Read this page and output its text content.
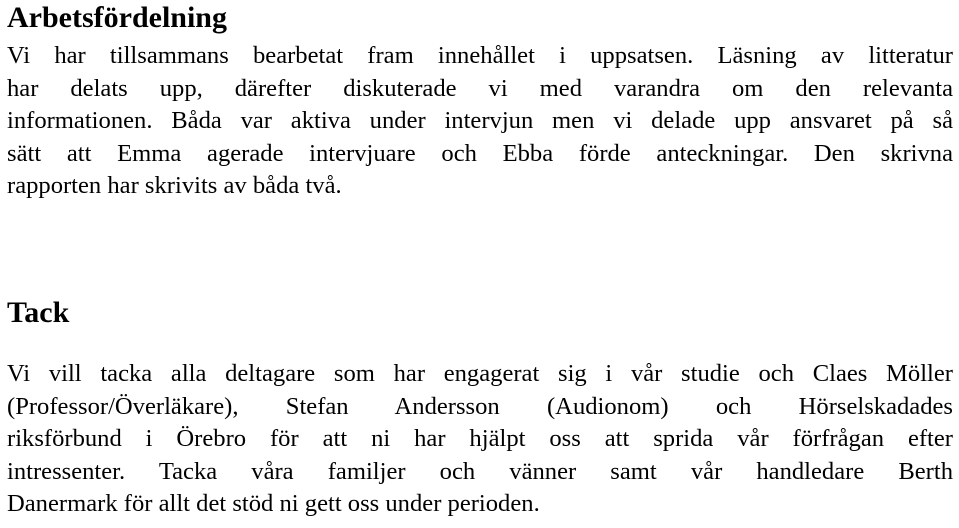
Arbetsfördelning

Vi har tillsammans bearbetat fram innehållet i uppsatsen. Läsning av litteratur
har delats upp, därefter diskuterade vi med varandra om den relevanta
informationen. Båda var aktiva under intervjun men vi delade upp ansvaret på så
sätt att Emma agerade intervjuare och Ebba förde anteckningar. Den skrivna
rapporten har skrivits av båda två.

Tack

Vi vill tacka alla deltagare som har engagerat sig i vår studie och Claes Möller
(Professor/Överläkare), Stefan Andersson (Audionom) och Hörselskadades
riksförbund i Örebro för att ni har hjälpt oss att sprida vår förfrågan efter
intressenter. Tacka våra familjer och vänner samt vår handledare Berth
Danermark för allt det stöd ni gett oss under perioden.
